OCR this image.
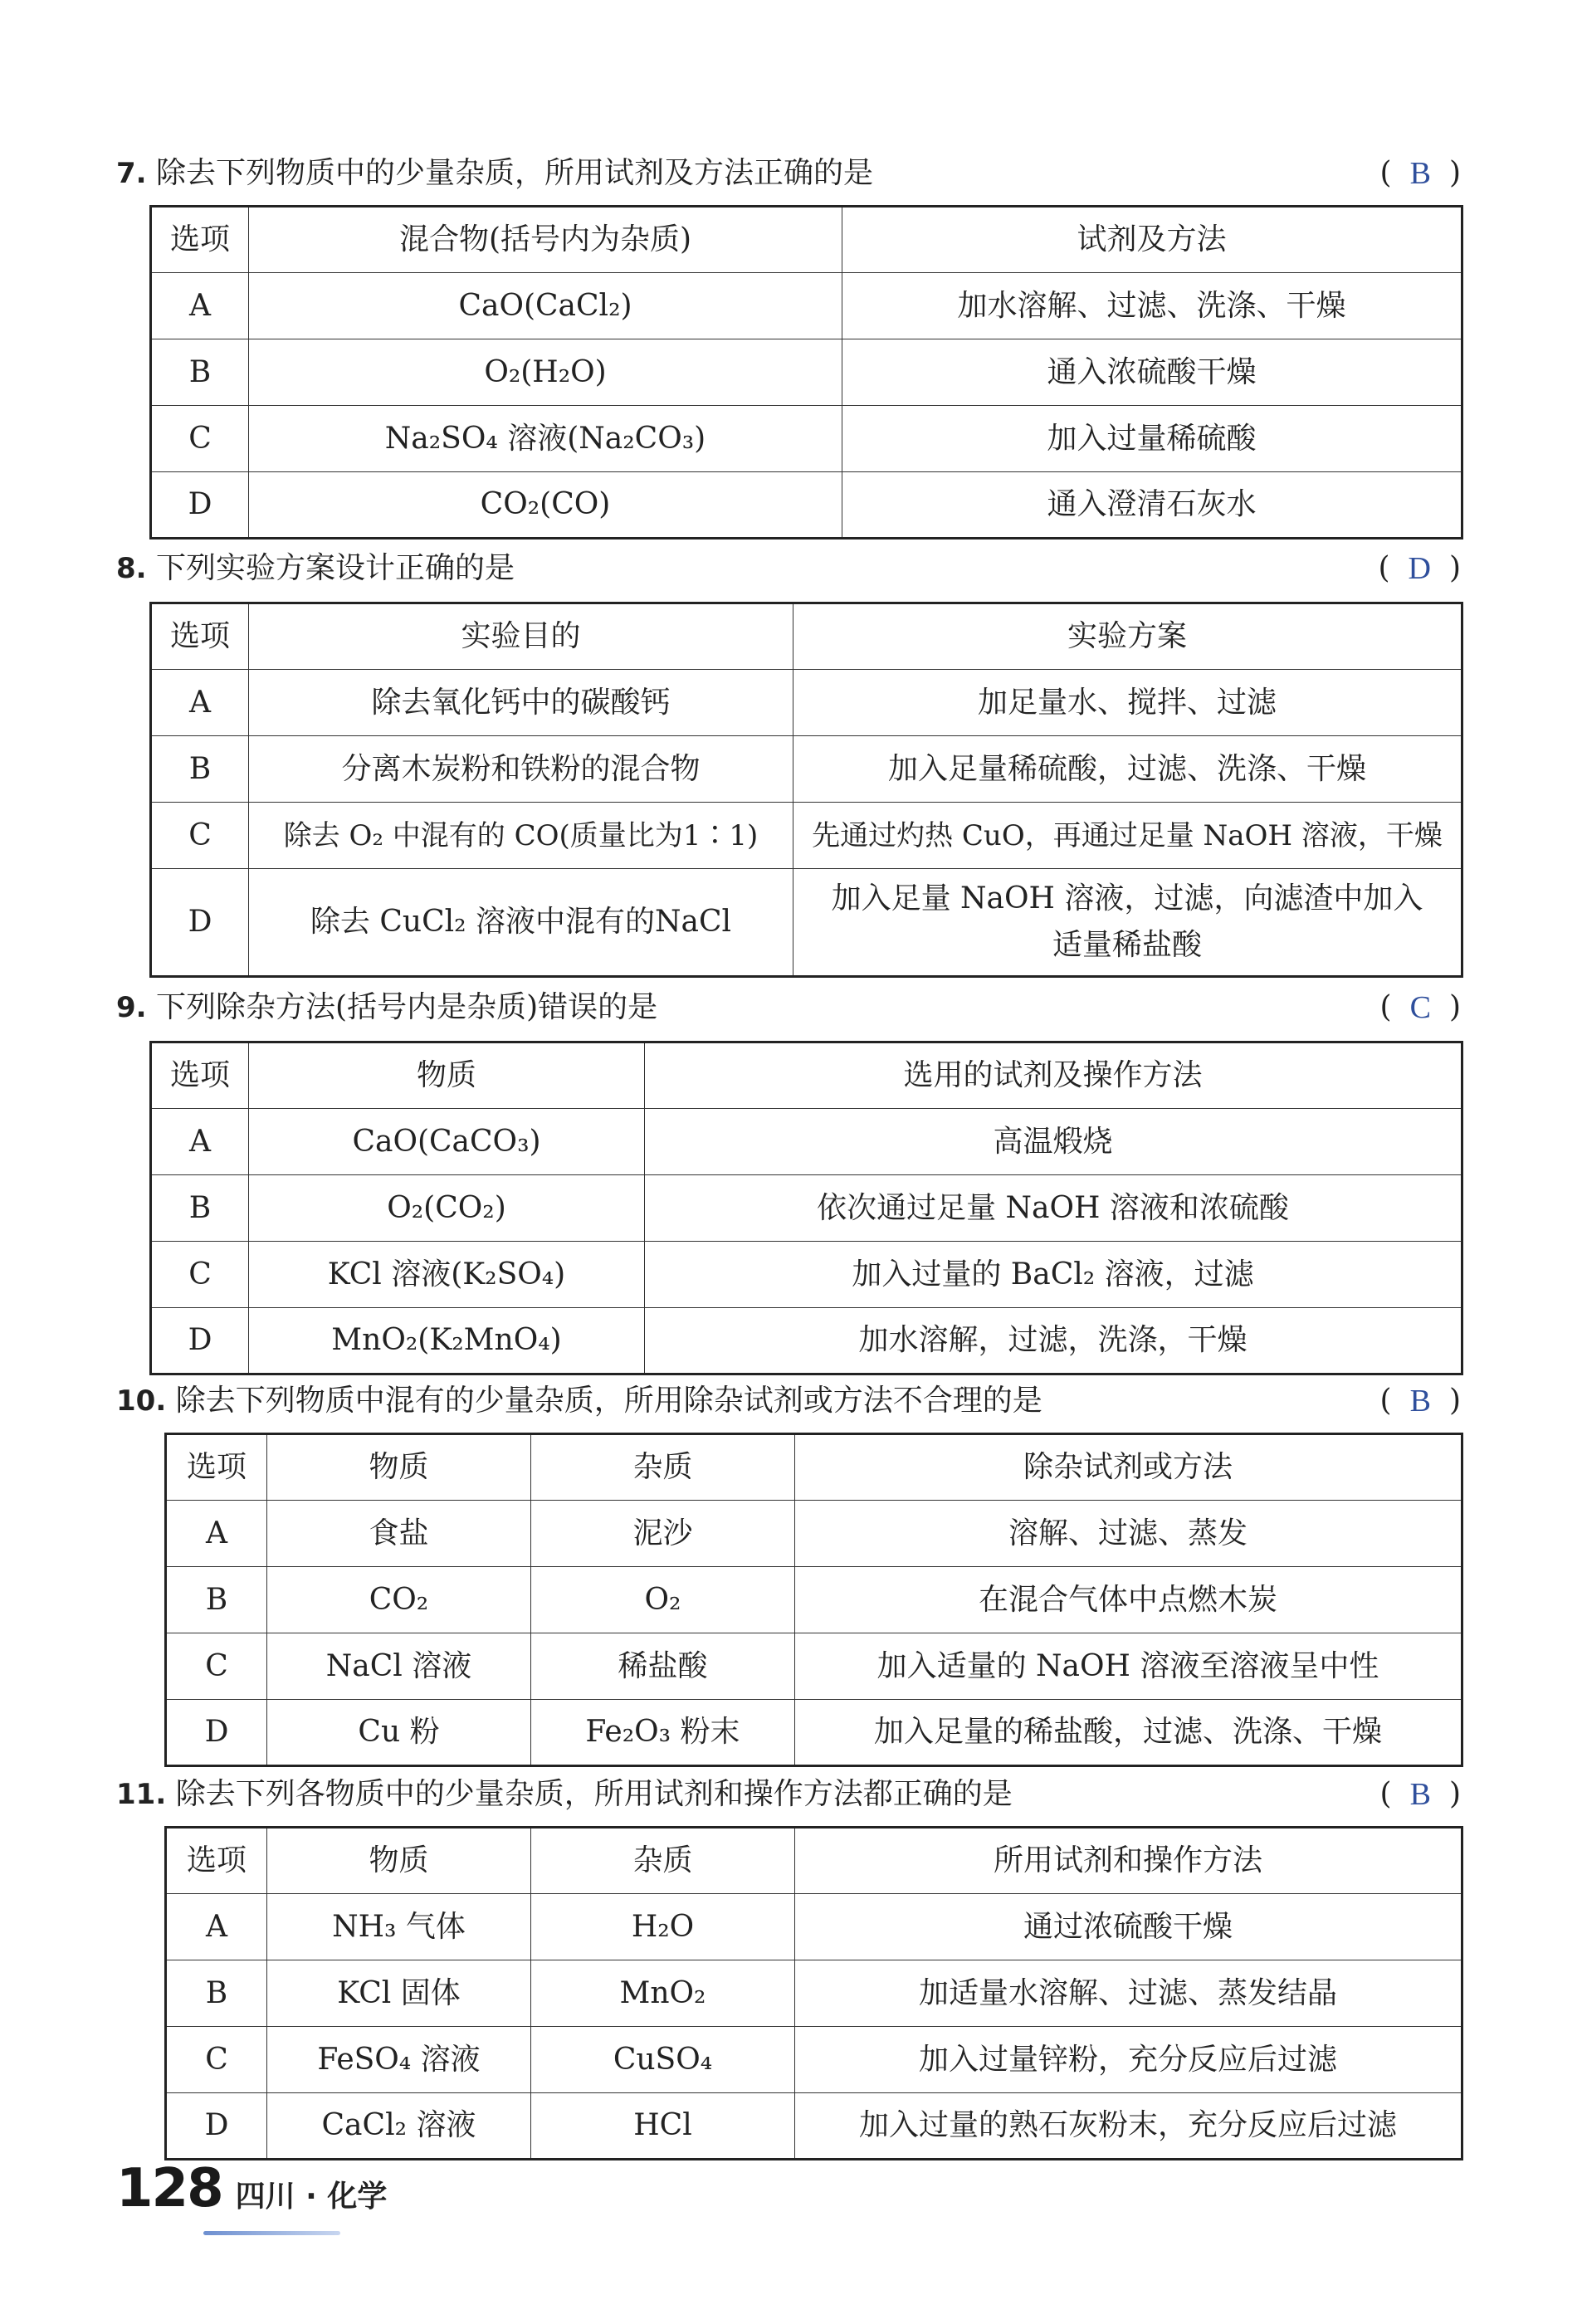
7. 除去下列物质中的少量杂质，所用试剂及方法正确的是	( B )
选项	混合物(括号内为杂质)	试剂及方法
A	CaO(CaCl₂)	加水溶解、过滤、洗涤、干燥
B	O₂(H₂O)	通入浓硫酸干燥
C	Na₂SO₄ 溶液(Na₂CO₃)	加入过量稀硫酸
D	CO₂(CO)	通入澄清石灰水
8. 下列实验方案设计正确的是	( D )
选项	实验目的	实验方案
A	除去氧化钙中的碳酸钙	加足量水、搅拌、过滤
B	分离木炭粉和铁粉的混合物	加入足量稀硫酸，过滤、洗涤、干燥
C	除去 O₂ 中混有的 CO(质量比为1∶1)	先通过灼热 CuO，再通过足量 NaOH 溶液，干燥
D	除去 CuCl₂ 溶液中混有的NaCl	加入足量 NaOH 溶液，过滤，向滤渣中加入适量稀盐酸
9. 下列除杂方法(括号内是杂质)错误的是	( C )
选项	物质	选用的试剂及操作方法
A	CaO(CaCO₃)	高温煅烧
B	O₂(CO₂)	依次通过足量 NaOH 溶液和浓硫酸
C	KCl 溶液(K₂SO₄)	加入过量的 BaCl₂ 溶液，过滤
D	MnO₂(K₂MnO₄)	加水溶解，过滤，洗涤，干燥
10. 除去下列物质中混有的少量杂质，所用除杂试剂或方法不合理的是	( B )
选项	物质	杂质	除杂试剂或方法
A	食盐	泥沙	溶解、过滤、蒸发
B	CO₂	O₂	在混合气体中点燃木炭
C	NaCl 溶液	稀盐酸	加入适量的 NaOH 溶液至溶液呈中性
D	Cu 粉	Fe₂O₃ 粉末	加入足量的稀盐酸，过滤、洗涤、干燥
11. 除去下列各物质中的少量杂质，所用试剂和操作方法都正确的是	( B )
选项	物质	杂质	所用试剂和操作方法
A	NH₃ 气体	H₂O	通过浓硫酸干燥
B	KCl 固体	MnO₂	加适量水溶解、过滤、蒸发结晶
C	FeSO₄ 溶液	CuSO₄	加入过量锌粉，充分反应后过滤
D	CaCl₂ 溶液	HCl	加入过量的熟石灰粉末，充分反应后过滤
128 四川 · 化学
